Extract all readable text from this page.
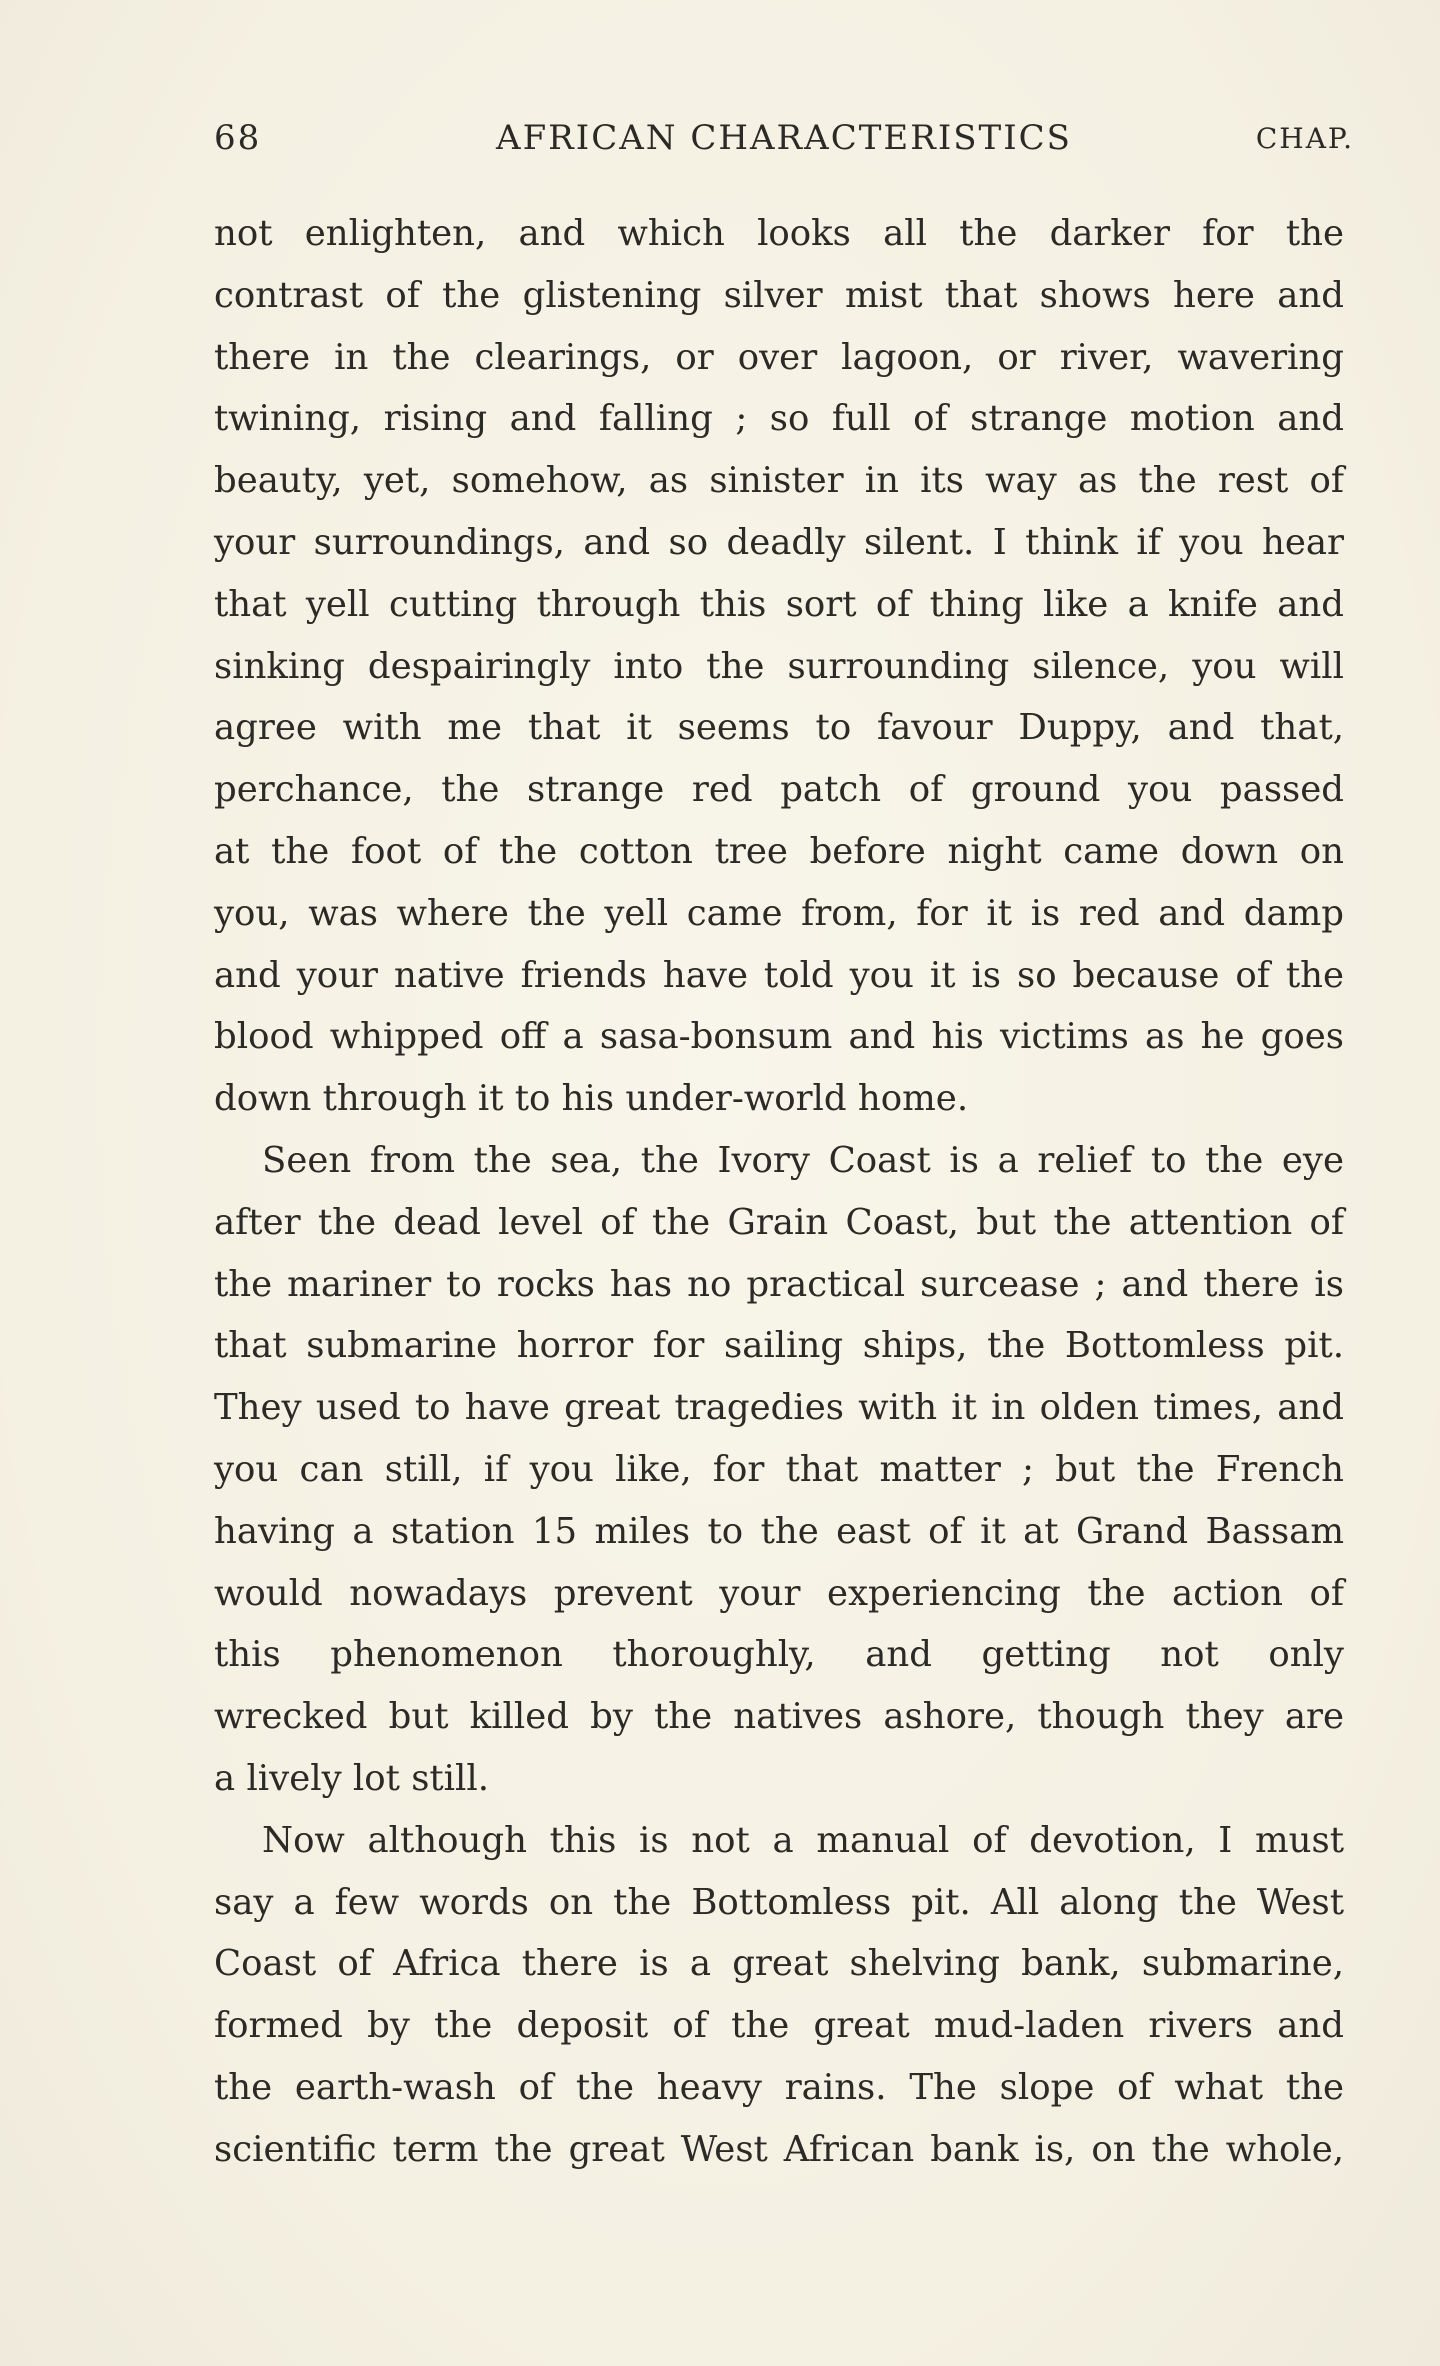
68	AFRICAN CHARACTERISTICS	CHAP.
not enlighten, and which looks all the darker for the
contrast of the glistening silver mist that shows here and
there in the clearings, or over lagoon, or river, wavering
twining, rising and falling ; so full of strange motion and
beauty, yet, somehow, as sinister in its way as the rest of
your surroundings, and so deadly silent. I think if you hear
that yell cutting through this sort of thing like a knife and
sinking despairingly into the surrounding silence, you will
agree with me that it seems to favour Duppy, and that,
perchance, the strange red patch of ground you passed
at the foot of the cotton tree before night came down on
you, was where the yell came from, for it is red and damp
and your native friends have told you it is so because of the
blood whipped off a sasa-bonsum and his victims as he goes
down through it to his under-world home.
Seen from the sea, the Ivory Coast is a relief to the eye
after the dead level of the Grain Coast, but the attention of
the mariner to rocks has no practical surcease ; and there is
that submarine horror for sailing ships, the Bottomless pit.
They used to have great tragedies with it in olden times, and
you can still, if you like, for that matter ; but the French
having a station 15 miles to the east of it at Grand Bassam
would nowadays prevent your experiencing the action of
this phenomenon thoroughly, and getting not only
wrecked but killed by the natives ashore, though they are
a lively lot still.
Now although this is not a manual of devotion, I must
say a few words on the Bottomless pit. All along the West
Coast of Africa there is a great shelving bank, submarine,
formed by the deposit of the great mud-laden rivers and
the earth-wash of the heavy rains. The slope of what the
scientific term the great West African bank is, on the whole,
